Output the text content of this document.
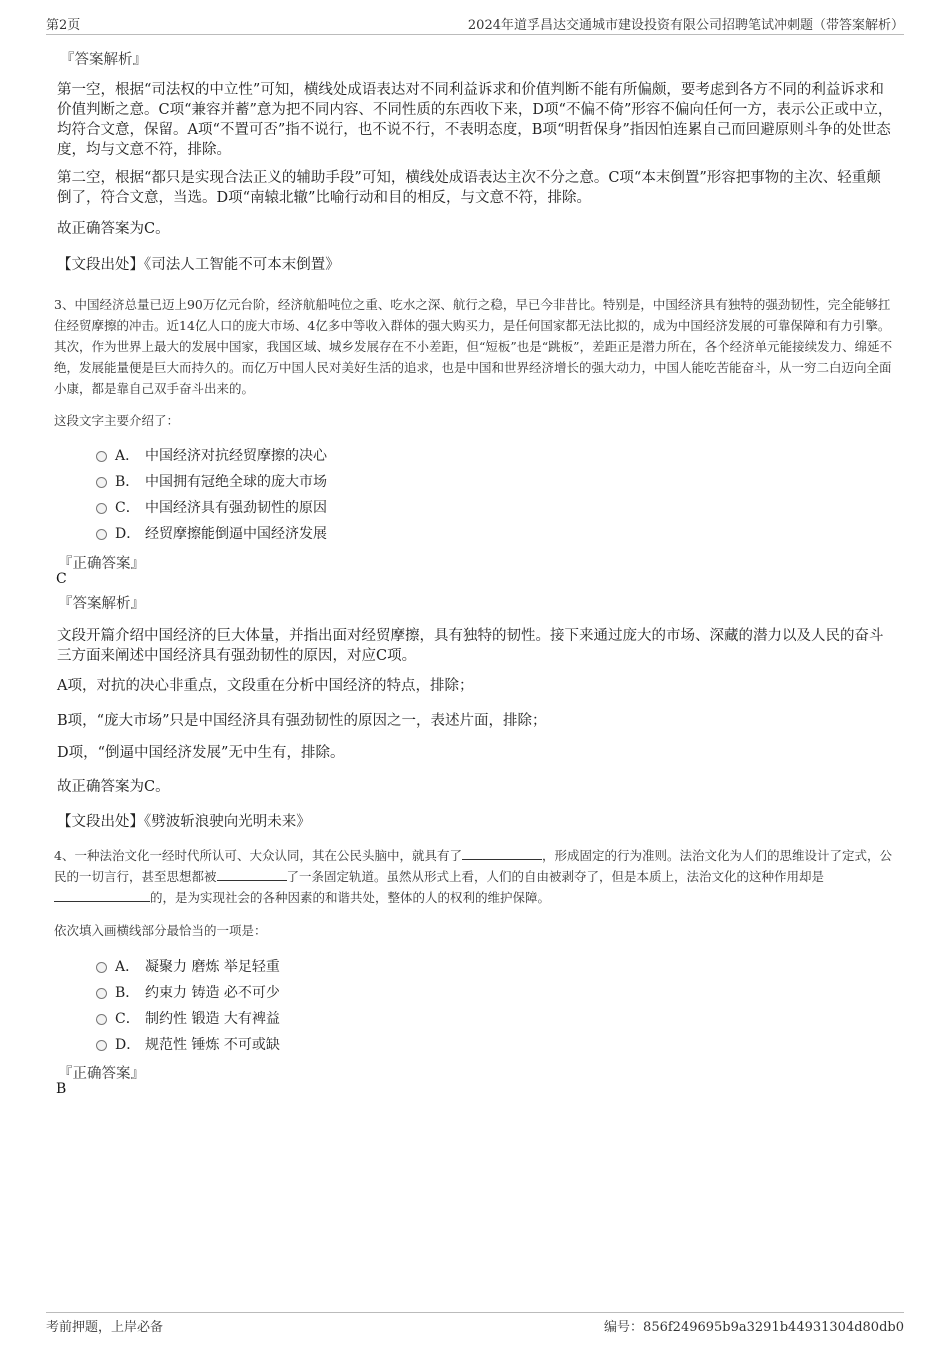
第2页	2024年道孚昌达交通城市建设投资有限公司招聘笔试冲刺题（带答案解析）
『答案解析』
第一空，根据“司法权的中立性”可知，横线处成语表达对不同利益诉求和价值判断不能有所偏颇，要考虑到各方不同的利益诉求和价值判断之意。C项“兼容并蓄”意为把不同内容、不同性质的东西收下来，D项“不偏不倚”形容不偏向任何一方，表示公正或中立，均符合文意，保留。A项“不置可否”指不说行，也不说不行，不表明态度，B项“明哲保身”指因怕连累自己而回避原则斗争的处世态度，均与文意不符，排除。
第二空，根据“都只是实现合法正义的辅助手段”可知，横线处成语表达主次不分之意。C项“本末倒置”形容把事物的主次、轻重颠倒了，符合文意，当选。D项“南辕北辙”比喻行动和目的相反，与文意不符，排除。
故正确答案为C。
【文段出处】《司法人工智能不可本末倒置》
3、中国经济总量已迈上90万亿元台阶，经济航船吨位之重、吃水之深、航行之稳，早已今非昔比。特别是，中国经济具有独特的强劲韧性，完全能够扛住经贸摩擦的冲击。近14亿人口的庞大市场、4亿多中等收入群体的强大购买力，是任何国家都无法比拟的，成为中国经济发展的可靠保障和有力引擎。其次，作为世界上最大的发展中国家，我国区域、城乡发展存在不小差距，但“短板”也是“跳板”，差距正是潜力所在，各个经济单元能接续发力、绵延不绝，发展能量便是巨大而持久的。而亿万中国人民对美好生活的追求，也是中国和世界经济增长的强大动力，中国人能吃苦能奋斗，从一穷二白迈向全面小康，都是靠自己双手奋斗出来的。
这段文字主要介绍了：
A． 中国经济对抗经贸摩擦的决心
B． 中国拥有冠绝全球的庞大市场
C． 中国经济具有强劲韧性的原因
D． 经贸摩擦能倒逼中国经济发展
『正确答案』
C
『答案解析』
文段开篇介绍中国经济的巨大体量，并指出面对经贸摩擦，具有独特的韧性。接下来通过庞大的市场、深藏的潜力以及人民的奋斗三方面来阐述中国经济具有强劲韧性的原因，对应C项。
A项，对抗的决心非重点，文段重在分析中国经济的特点，排除；
B项，“庞大市场”只是中国经济具有强劲韧性的原因之一，表述片面，排除；
D项，“倒逼中国经济发展”无中生有，排除。
故正确答案为C。
【文段出处】《劈波斩浪驶向光明未来》
4、一种法治文化一经时代所认可、大众认同，其在公民头脑中，就具有了	，形成固定的行为准则。法治文化为人们的思维设计了定式，公民的一切言行，甚至思想都被	了一条固定轨道。虽然从形式上看，人们的自由被剥夺了，但是本质上，法治文化的这种作用却是的，是为实现社会的各种因素的和谐共处，整体的人的权利的维护保障。
依次填入画横线部分最恰当的一项是：
A． 凝聚力 磨炼 举足轻重
B． 约束力 铸造 必不可少
C． 制约性 锻造 大有裨益
D． 规范性 锤炼 不可或缺
『正确答案』
B
考前押题，上岸必备	编号：856f249695b9a3291b44931304d80db0
